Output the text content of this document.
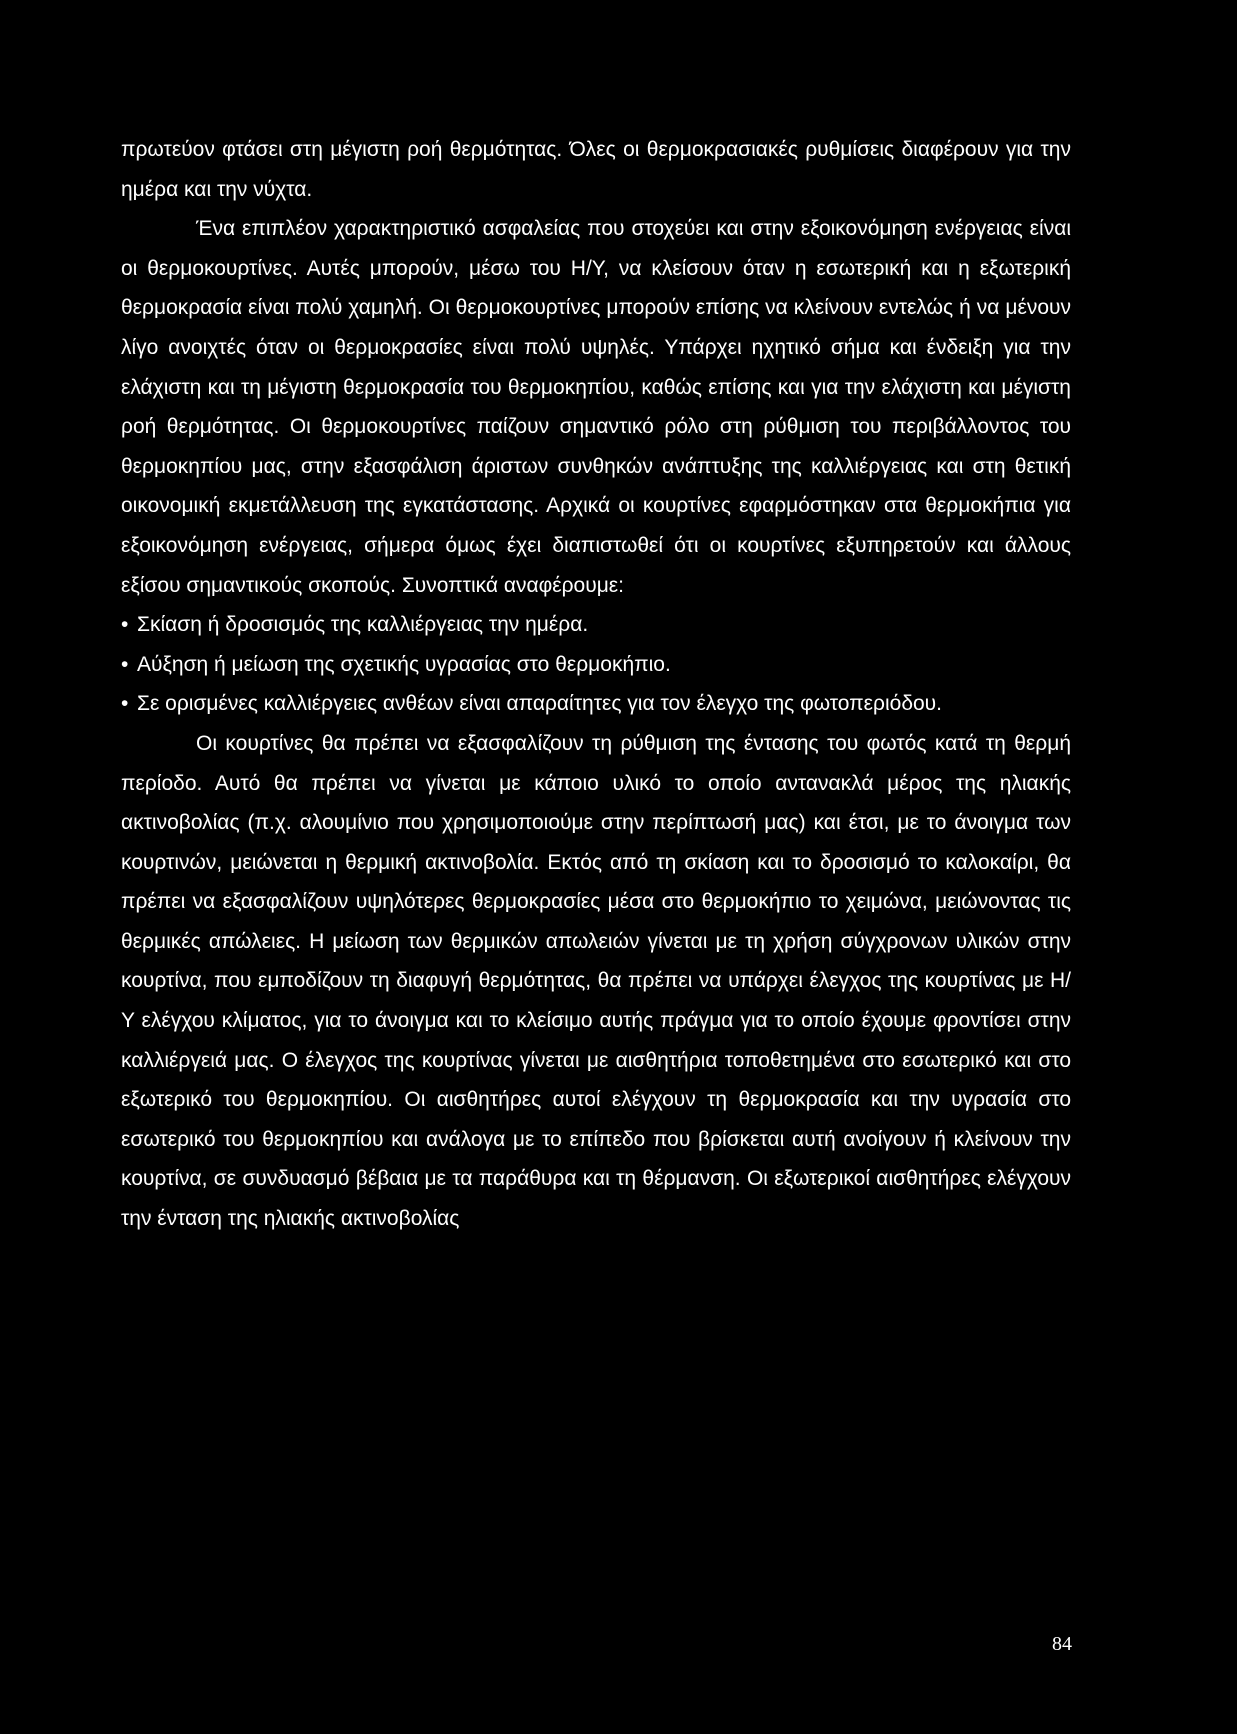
πρωτεύον φτάσει στη μέγιστη ροή θερμότητας. Όλες οι θερμοκρασιακές ρυθμίσεις διαφέρουν για την ημέρα και την νύχτα.

Ένα επιπλέον χαρακτηριστικό ασφαλείας που στοχεύει και στην εξοικονόμηση ενέργειας είναι οι θερμοκουρτίνες. Αυτές μπορούν, μέσω του Η/Υ, να κλείσουν όταν η εσωτερική και η εξωτερική θερμοκρασία είναι πολύ χαμηλή. Οι θερμοκουρτίνες μπορούν επίσης να κλείνουν εντελώς ή να μένουν λίγο ανοιχτές όταν οι θερμοκρασίες είναι πολύ υψηλές. Υπάρχει ηχητικό σήμα και ένδειξη για την ελάχιστη και τη μέγιστη θερμοκρασία του θερμοκηπίου, καθώς επίσης και για την ελάχιστη και μέγιστη ροή θερμότητας. Οι θερμοκουρτίνες παίζουν σημαντικό ρόλο στη ρύθμιση του περιβάλλοντος του θερμοκηπίου μας, στην εξασφάλιση άριστων συνθηκών ανάπτυξης της καλλιέργειας και στη θετική οικονομική εκμετάλλευση της εγκατάστασης. Αρχικά οι κουρτίνες εφαρμόστηκαν στα θερμοκήπια για εξοικονόμηση ενέργειας, σήμερα όμως έχει διαπιστωθεί ότι οι κουρτίνες εξυπηρετούν και άλλους εξίσου σημαντικούς σκοπούς. Συνοπτικά αναφέρουμε:

• Σκίαση ή δροσισμός της καλλιέργειας την ημέρα.

• Αύξηση ή μείωση της σχετικής υγρασίας στο θερμοκήπιο.

• Σε ορισμένες καλλιέργειες ανθέων είναι απαραίτητες για τον έλεγχο της φωτοπεριόδου.

Οι κουρτίνες θα πρέπει να εξασφαλίζουν τη ρύθμιση της έντασης του φωτός κατά τη θερμή περίοδο. Αυτό θα πρέπει να γίνεται με κάποιο υλικό το οποίο αντανακλά μέρος της ηλιακής ακτινοβολίας (π.χ. αλουμίνιο που χρησιμοποιούμε στην περίπτωσή μας) και έτσι, με το άνοιγμα των κουρτινών, μειώνεται η θερμική ακτινοβολία. Εκτός από τη σκίαση και το δροσισμό το καλοκαίρι, θα πρέπει να εξασφαλίζουν υψηλότερες θερμοκρασίες μέσα στο θερμοκήπιο το χειμώνα, μειώνοντας τις θερμικές απώλειες. Η μείωση των θερμικών απωλειών γίνεται με τη χρήση σύγχρονων υλικών στην κουρτίνα, που εμποδίζουν τη διαφυγή θερμότητας, θα πρέπει να υπάρχει έλεγχος της κουρτίνας με Η/Υ ελέγχου κλίματος, για το άνοιγμα και το κλείσιμο αυτής πράγμα για το οποίο έχουμε φροντίσει στην καλλιέργειά μας. Ο έλεγχος της κουρτίνας γίνεται με αισθητήρια τοποθετημένα στο εσωτερικό και στο εξωτερικό του θερμοκηπίου. Οι αισθητήρες αυτοί ελέγχουν τη θερμοκρασία και την υγρασία στο εσωτερικό του θερμοκηπίου και ανάλογα με το επίπεδο που βρίσκεται αυτή ανοίγουν ή κλείνουν την κουρτίνα, σε συνδυασμό βέβαια με τα παράθυρα και τη θέρμανση. Οι εξωτερικοί αισθητήρες ελέγχουν την ένταση της ηλιακής ακτινοβολίας

84
